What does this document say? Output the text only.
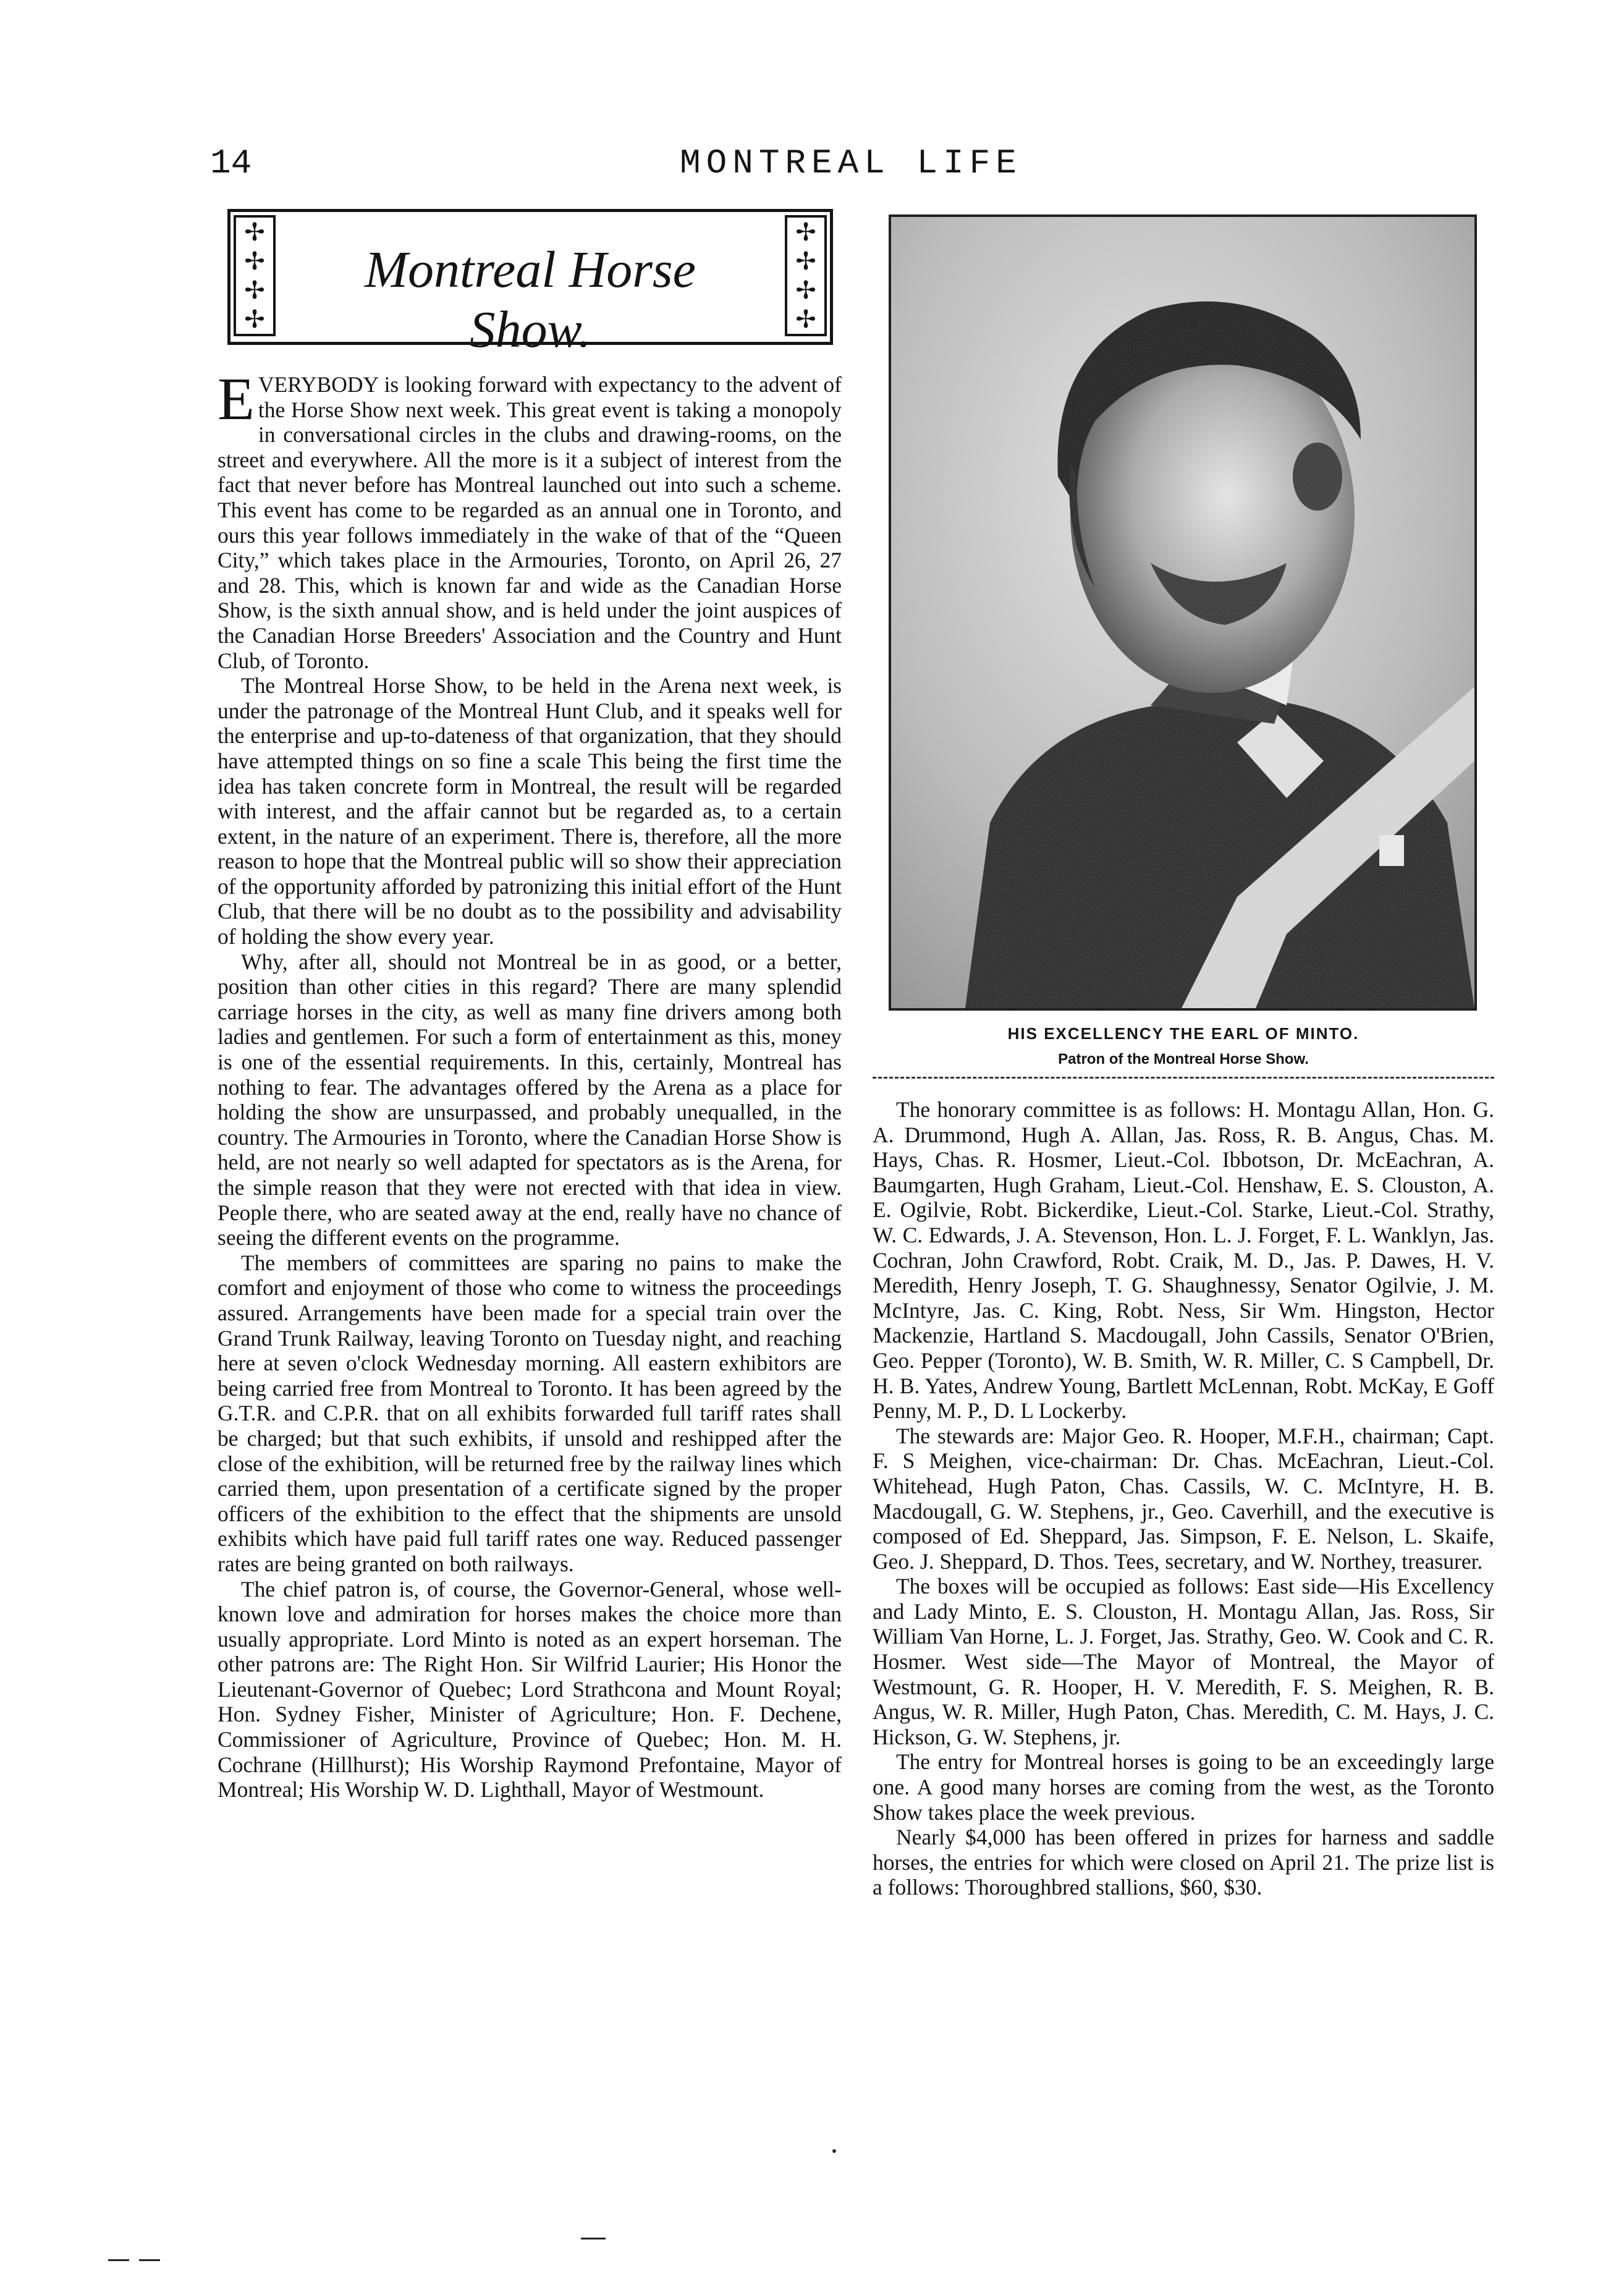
14	MONTREAL LIFE
✢
✢
✢
✢
Montreal Horse Show.
✢
✢
✢
✢

EVERYBODY is looking forward with expectancy to the advent of the Horse Show next week. This great event is taking a monopoly in conversational circles in the clubs and drawing-rooms, on the street and everywhere. All the more is it a subject of interest from the fact that never before has Montreal launched out into such a scheme. This event has come to be regarded as an annual one in Toronto, and ours this year follows immediately in the wake of that of the “Queen City,” which takes place in the Armouries, Toronto, on April 26, 27 and 28. This, which is known far and wide as the Canadian Horse Show, is the sixth annual show, and is held under the joint auspices of the Canadian Horse Breeders' Association and the Country and Hunt Club, of Toronto.

The Montreal Horse Show, to be held in the Arena next week, is under the patronage of the Montreal Hunt Club, and it speaks well for the enterprise and up-to-dateness of that organization, that they should have attempted things on so fine a scale This being the first time the idea has taken concrete form in Montreal, the result will be regarded with interest, and the affair cannot but be regarded as, to a certain extent, in the nature of an experiment. There is, therefore, all the more reason to hope that the Montreal public will so show their appreciation of the opportunity afforded by patronizing this initial effort of the Hunt Club, that there will be no doubt as to the possibility and advisability of holding the show every year.

Why, after all, should not Montreal be in as good, or a better, position than other cities in this regard? There are many splendid carriage horses in the city, as well as many fine drivers among both ladies and gentlemen. For such a form of entertainment as this, money is one of the essential requirements. In this, certainly, Montreal has nothing to fear. The advantages offered by the Arena as a place for holding the show are unsurpassed, and probably unequalled, in the country. The Armouries in Toronto, where the Canadian Horse Show is held, are not nearly so well adapted for spectators as is the Arena, for the simple reason that they were not erected with that idea in view. People there, who are seated away at the end, really have no chance of seeing the different events on the programme.

The members of committees are sparing no pains to make the comfort and enjoyment of those who come to witness the proceedings assured. Arrangements have been made for a special train over the Grand Trunk Railway, leaving Toronto on Tuesday night, and reaching here at seven o'clock Wednesday morning. All eastern exhibitors are being carried free from Montreal to Toronto. It has been agreed by the G.T.R. and C.P.R. that on all exhibits forwarded full tariff rates shall be charged; but that such exhibits, if unsold and reshipped after the close of the exhibition, will be returned free by the railway lines which carried them, upon presentation of a certificate signed by the proper officers of the exhibition to the effect that the shipments are unsold exhibits which have paid full tariff rates one way. Reduced passenger rates are being granted on both railways.

The chief patron is, of course, the Governor-General, whose well-known love and admiration for horses makes the choice more than usually appropriate. Lord Minto is noted as an expert horseman. The other patrons are: The Right Hon. Sir Wilfrid Laurier; His Honor the Lieutenant-Governor of Quebec; Lord Strathcona and Mount Royal; Hon. Sydney Fisher, Minister of Agriculture; Hon. F. Dechene, Commissioner of Agriculture, Province of Quebec; Hon. M. H. Cochrane (Hillhurst); His Worship Raymond Prefontaine, Mayor of Montreal; His Worship W. D. Lighthall, Mayor of Westmount.

HIS EXCELLENCY THE EARL OF MINTO.
Patron of the Montreal Horse Show.

The honorary committee is as follows: H. Montagu Allan, Hon. G. A. Drummond, Hugh A. Allan, Jas. Ross, R. B. Angus, Chas. M. Hays, Chas. R. Hosmer, Lieut.-Col. Ibbotson, Dr. McEachran, A. Baumgarten, Hugh Graham, Lieut.-Col. Henshaw, E. S. Clouston, A. E. Ogilvie, Robt. Bickerdike, Lieut.-Col. Starke, Lieut.-Col. Strathy, W. C. Edwards, J. A. Stevenson, Hon. L. J. Forget, F. L. Wanklyn, Jas. Cochran, John Crawford, Robt. Craik, M. D., Jas. P. Dawes, H. V. Meredith, Henry Joseph, T. G. Shaughnessy, Senator Ogilvie, J. M. McIntyre, Jas. C. King, Robt. Ness, Sir Wm. Hingston, Hector Mackenzie, Hartland S. Macdougall, John Cassils, Senator O'Brien, Geo. Pepper (Toronto), W. B. Smith, W. R. Miller, C. S Campbell, Dr. H. B. Yates, Andrew Young, Bartlett McLennan, Robt. McKay, E Goff Penny, M. P., D. L Lockerby.

The stewards are: Major Geo. R. Hooper, M.F.H., chairman; Capt. F. S Meighen, vice-chairman: Dr. Chas. McEachran, Lieut.-Col. Whitehead, Hugh Paton, Chas. Cassils, W. C. McIntyre, H. B. Macdougall, G. W. Stephens, jr., Geo. Caverhill, and the executive is composed of Ed. Sheppard, Jas. Simpson, F. E. Nelson, L. Skaife, Geo. J. Sheppard, D. Thos. Tees, secretary, and W. Northey, treasurer.

The boxes will be occupied as follows: East side—His Excellency and Lady Minto, E. S. Clouston, H. Montagu Allan, Jas. Ross, Sir William Van Horne, L. J. Forget, Jas. Strathy, Geo. W. Cook and C. R. Hosmer. West side—The Mayor of Montreal, the Mayor of Westmount, G. R. Hooper, H. V. Meredith, F. S. Meighen, R. B. Angus, W. R. Miller, Hugh Paton, Chas. Meredith, C. M. Hays, J. C. Hickson, G. W. Stephens, jr.

The entry for Montreal horses is going to be an exceedingly large one. A good many horses are coming from the west, as the Toronto Show takes place the week previous.

Nearly $4,000 has been offered in prizes for harness and saddle horses, the entries for which were closed on April 21. The prize list is a follows: Thoroughbred stallions, $60, $30.
